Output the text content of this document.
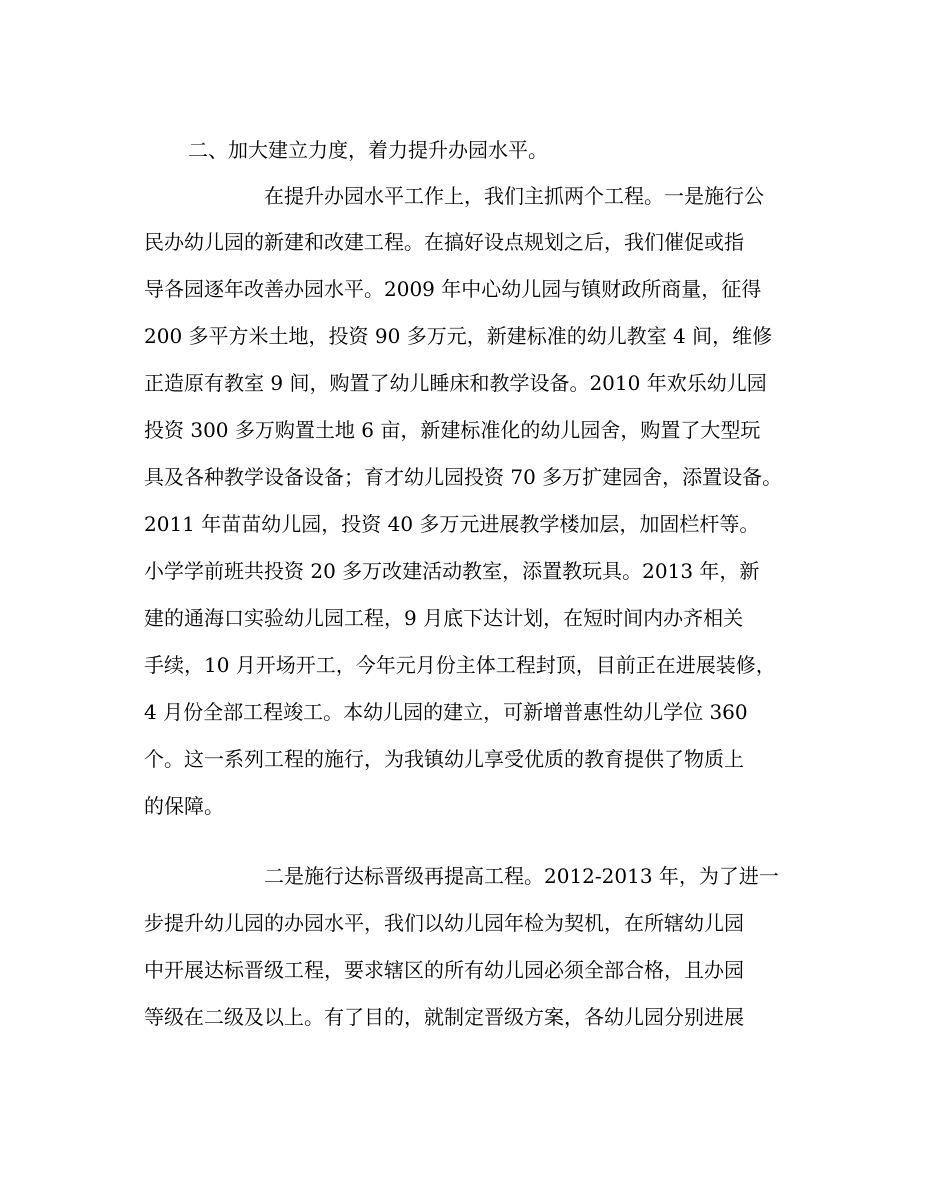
二、加大建立力度，着力提升办园水平。

在提升办园水平工作上，我们主抓两个工程。一是施行公

民办幼儿园的新建和改建工程。在搞好设点规划之后，我们催促或指

导各园逐年改善办园水平。2009 年中心幼儿园与镇财政所商量，征得

200 多平方米土地，投资 90 多万元，新建标准的幼儿教室 4 间，维修

正造原有教室 9 间，购置了幼儿睡床和教学设备。2010 年欢乐幼儿园

投资 300 多万购置土地 6 亩，新建标准化的幼儿园舍，购置了大型玩

具及各种教学设备设备；育才幼儿园投资 70 多万扩建园舍，添置设备。

2011 年苗苗幼儿园，投资 40 多万元进展教学楼加层，加固栏杆等。

小学学前班共投资 20 多万改建活动教室，添置教玩具。2013 年，新

建的通海口实验幼儿园工程，9 月底下达计划，在短时间内办齐相关

手续，10 月开场开工，今年元月份主体工程封顶，目前正在进展装修，

4 月份全部工程竣工。本幼儿园的建立，可新增普惠性幼儿学位 360

个。这一系列工程的施行，为我镇幼儿享受优质的教育提供了物质上

的保障。

二是施行达标晋级再提高工程。2012-2013 年，为了进一

步提升幼儿园的办园水平，我们以幼儿园年检为契机，在所辖幼儿园

中开展达标晋级工程，要求辖区的所有幼儿园必须全部合格，且办园

等级在二级及以上。有了目的，就制定晋级方案，各幼儿园分别进展
